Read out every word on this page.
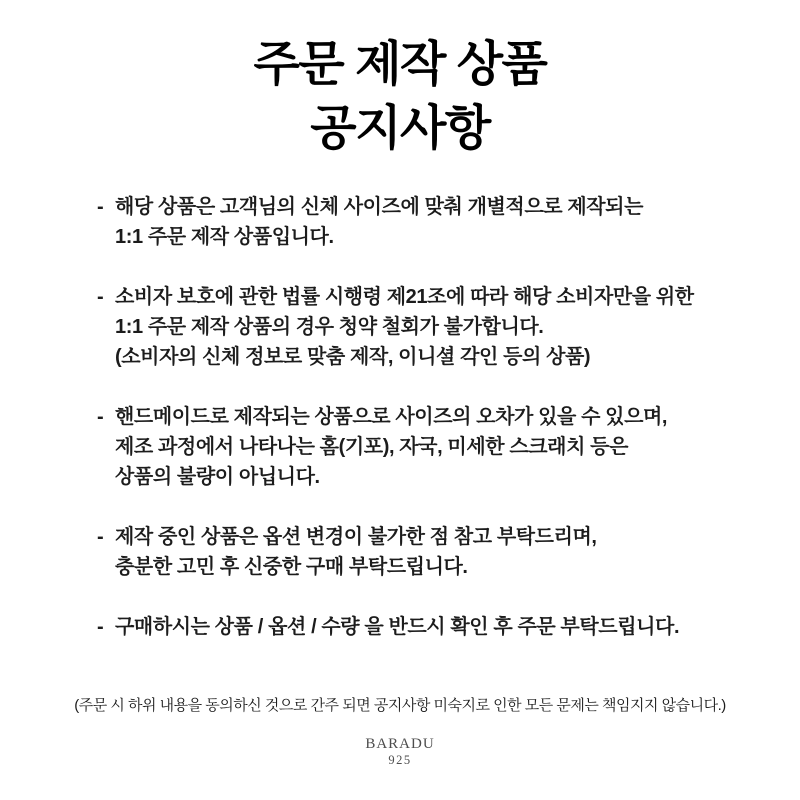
주문 제작 상품
공지사항
- 해당 상품은 고객님의 신체 사이즈에 맞춰 개별적으로 제작되는
1:1 주문 제작 상품입니다.
- 소비자 보호에 관한 법률 시행령 제21조에 따라 해당 소비자만을 위한
1:1 주문 제작 상품의 경우 청약 철회가 불가합니다.
(소비자의 신체 정보로 맞춤 제작, 이니셜 각인 등의 상품)
- 핸드메이드로 제작되는 상품으로 사이즈의 오차가 있을 수 있으며,
제조 과정에서 나타나는 홈(기포), 자국, 미세한 스크래치 등은
상품의 불량이 아닙니다.
- 제작 중인 상품은 옵션 변경이 불가한 점 참고 부탁드리며,
충분한 고민 후 신중한 구매 부탁드립니다.
- 구매하시는 상품 / 옵션 / 수량 을 반드시 확인 후 주문 부탁드립니다.

(주문 시 하위 내용을 동의하신 것으로 간주 되면 공지사항 미숙지로 인한 모든 문제는 책임지지 않습니다.)

BARADU
925
